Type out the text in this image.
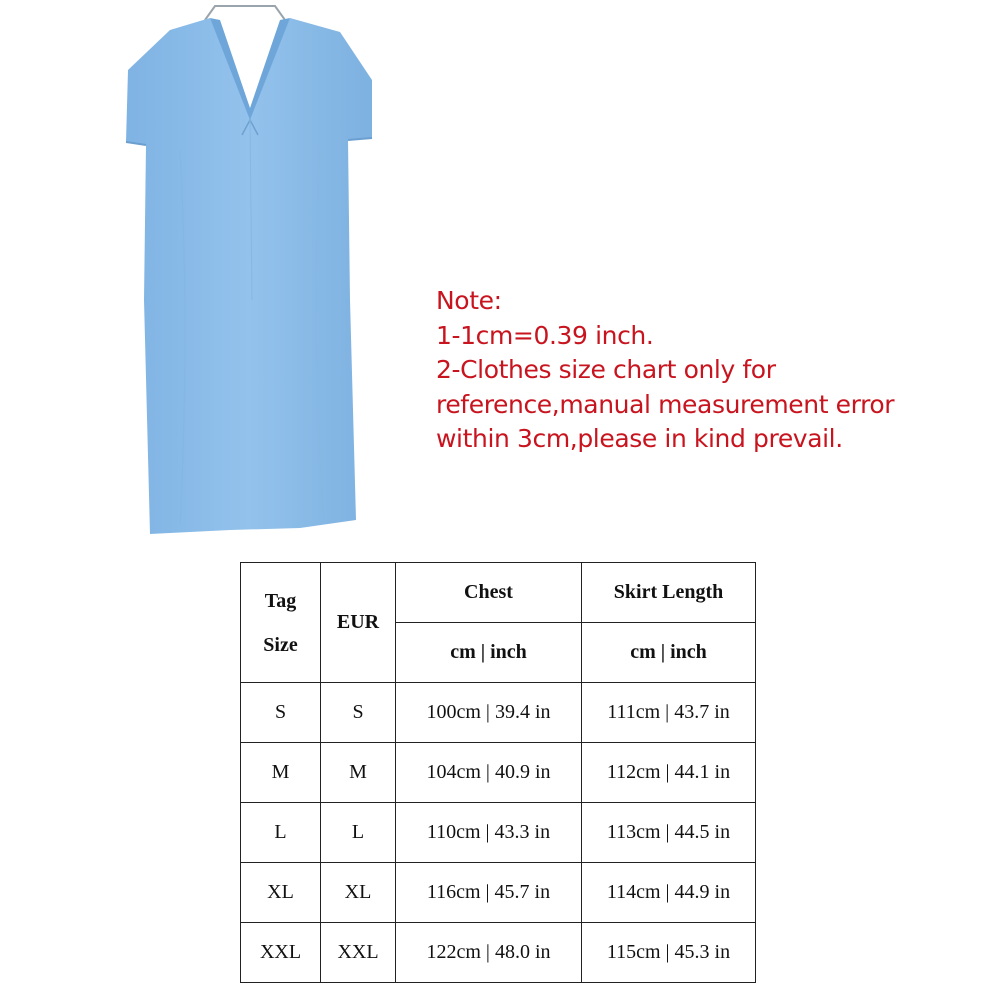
Note:
1-1cm=0.39 inch.
2-Clothes size chart only for
reference,manual measurement error
within 3cm,please in kind prevail.
Tag
Size	EUR	Chest	Skirt Length
		cm | inch	cm | inch
S	S	100cm | 39.4 in	111cm | 43.7 in
M	M	104cm | 40.9 in	112cm | 44.1 in
L	L	110cm | 43.3 in	113cm | 44.5 in
XL	XL	116cm | 45.7 in	114cm | 44.9 in
XXL	XXL	122cm | 48.0 in	115cm | 45.3 in
